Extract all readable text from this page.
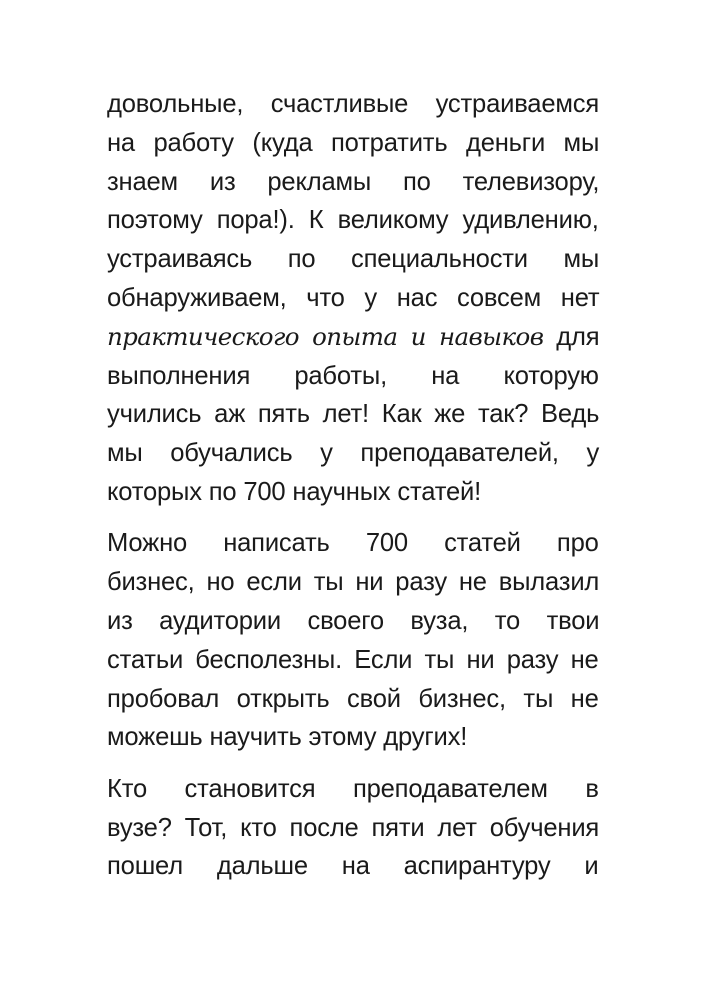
довольные, счастливые устраиваемся
на работу (куда потратить деньги мы
знаем из рекламы по телевизору,
поэтому пора!). К великому удивлению,
устраиваясь по специальности мы
обнаруживаем, что у нас совсем нет
практического опыта и навыков для
выполнения работы, на которую
учились аж пять лет! Как же так? Ведь
мы обучались у преподавателей, у
которых по 700 научных статей!
Можно написать 700 статей про
бизнес, но если ты ни разу не вылазил
из аудитории своего вуза, то твои
статьи бесполезны. Если ты ни разу не
пробовал открыть свой бизнес, ты не
можешь научить этому других!
Кто становится преподавателем в
вузе? Тот, кто после пяти лет обучения
пошел дальше на аспирантуру и
